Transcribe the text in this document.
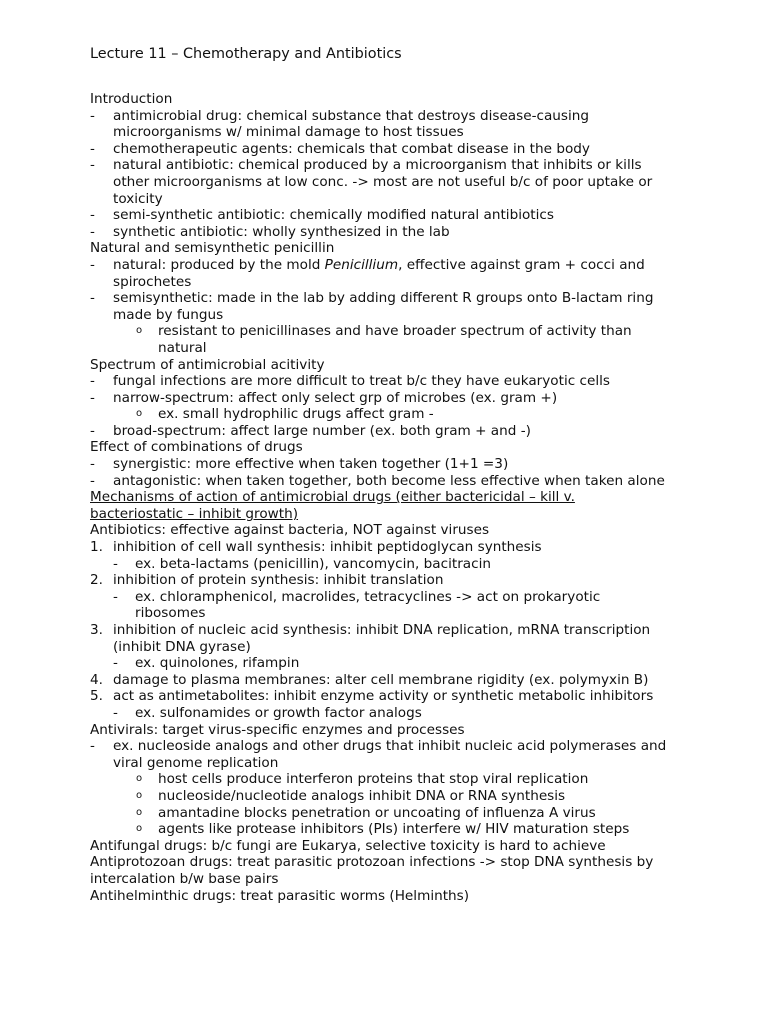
Lecture 11 – Chemotherapy and Antibiotics
Introduction
- antimicrobial drug: chemical substance that destroys disease-causing
microorganisms w/ minimal damage to host tissues
- chemotherapeutic agents: chemicals that combat disease in the body
- natural antibiotic: chemical produced by a microorganism that inhibits or kills
other microorganisms at low conc. -> most are not useful b/c of poor uptake or
toxicity
- semi-synthetic antibiotic: chemically modified natural antibiotics
- synthetic antibiotic: wholly synthesized in the lab
Natural and semisynthetic penicillin
- natural: produced by the mold Penicillium, effective against gram + cocci and
spirochetes
- semisynthetic: made in the lab by adding different R groups onto B-lactam ring
made by fungus
o resistant to penicillinases and have broader spectrum of activity than
natural
Spectrum of antimicrobial acitivity
- fungal infections are more difficult to treat b/c they have eukaryotic cells
- narrow-spectrum: affect only select grp of microbes (ex. gram +)
o ex. small hydrophilic drugs affect gram -
- broad-spectrum: affect large number (ex. both gram + and -)
Effect of combinations of drugs
- synergistic: more effective when taken together (1+1 =3)
- antagonistic: when taken together, both become less effective when taken alone
Mechanisms of action of antimicrobial drugs (either bactericidal – kill v.
bacteriostatic – inhibit growth)
Antibiotics: effective against bacteria, NOT against viruses
1. inhibition of cell wall synthesis: inhibit peptidoglycan synthesis
- ex. beta-lactams (penicillin), vancomycin, bacitracin
2. inhibition of protein synthesis: inhibit translation
- ex. chloramphenicol, macrolides, tetracyclines -> act on prokaryotic
ribosomes
3. inhibition of nucleic acid synthesis: inhibit DNA replication, mRNA transcription
(inhibit DNA gyrase)
- ex. quinolones, rifampin
4. damage to plasma membranes: alter cell membrane rigidity (ex. polymyxin B)
5. act as antimetabolites: inhibit enzyme activity or synthetic metabolic inhibitors
- ex. sulfonamides or growth factor analogs
Antivirals: target virus-specific enzymes and processes
- ex. nucleoside analogs and other drugs that inhibit nucleic acid polymerases and
viral genome replication
o host cells produce interferon proteins that stop viral replication
o nucleoside/nucleotide analogs inhibit DNA or RNA synthesis
o amantadine blocks penetration or uncoating of influenza A virus
o agents like protease inhibitors (PIs) interfere w/ HIV maturation steps
Antifungal drugs: b/c fungi are Eukarya, selective toxicity is hard to achieve
Antiprotozoan drugs: treat parasitic protozoan infections -> stop DNA synthesis by
intercalation b/w base pairs
Antihelminthic drugs: treat parasitic worms (Helminths)
